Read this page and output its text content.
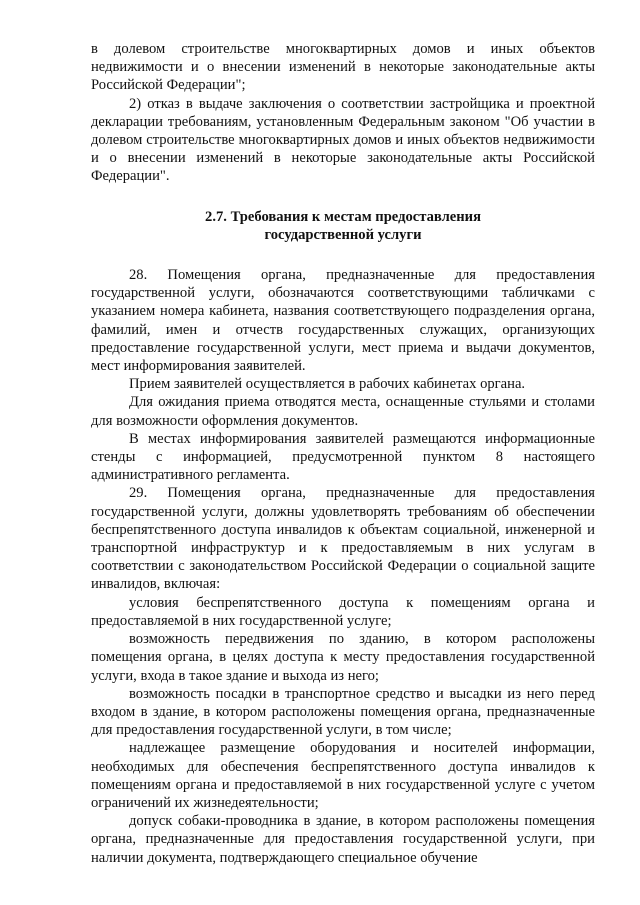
в долевом строительстве многоквартирных домов и иных объектов недвижимости и о внесении изменений в некоторые законодательные акты Российской Федерации";

2) отказ в выдаче заключения о соответствии застройщика и проектной декларации требованиям, установленным Федеральным законом "Об участии в долевом строительстве многоквартирных домов и иных объектов недвижимости и о внесении изменений в некоторые законодательные акты Российской Федерации".

2.7. Требования к местам предоставления
государственной услуги

28. Помещения органа, предназначенные для предоставления государственной услуги, обозначаются соответствующими табличками с указанием номера кабинета, названия соответствующего подразделения органа, фамилий, имен и отчеств государственных служащих, организующих предоставление государственной услуги, мест приема и выдачи документов, мест информирования заявителей.

Прием заявителей осуществляется в рабочих кабинетах органа.

Для ожидания приема отводятся места, оснащенные стульями и столами для возможности оформления документов.

В местах информирования заявителей размещаются информационные стенды с информацией, предусмотренной пунктом 8 настоящего административного регламента.

29. Помещения органа, предназначенные для предоставления государственной услуги, должны удовлетворять требованиям об обеспечении беспрепятственного доступа инвалидов к объектам социальной, инженерной и транспортной инфраструктур и к предоставляемым в них услугам в соответствии с законодательством Российской Федерации о социальной защите инвалидов, включая:

условия беспрепятственного доступа к помещениям органа и предоставляемой в них государственной услуге;

возможность передвижения по зданию, в котором расположены помещения органа, в целях доступа к месту предоставления государственной услуги, входа в такое здание и выхода из него;

возможность посадки в транспортное средство и высадки из него перед входом в здание, в котором расположены помещения органа, предназначенные для предоставления государственной услуги, в том числе;

надлежащее размещение оборудования и носителей информации, необходимых для обеспечения беспрепятственного доступа инвалидов к помещениям органа и предоставляемой в них государственной услуге с учетом ограничений их жизнедеятельности;

допуск собаки-проводника в здание, в котором расположены помещения органа, предназначенные для предоставления государственной услуги, при наличии документа, подтверждающего специальное обучение
